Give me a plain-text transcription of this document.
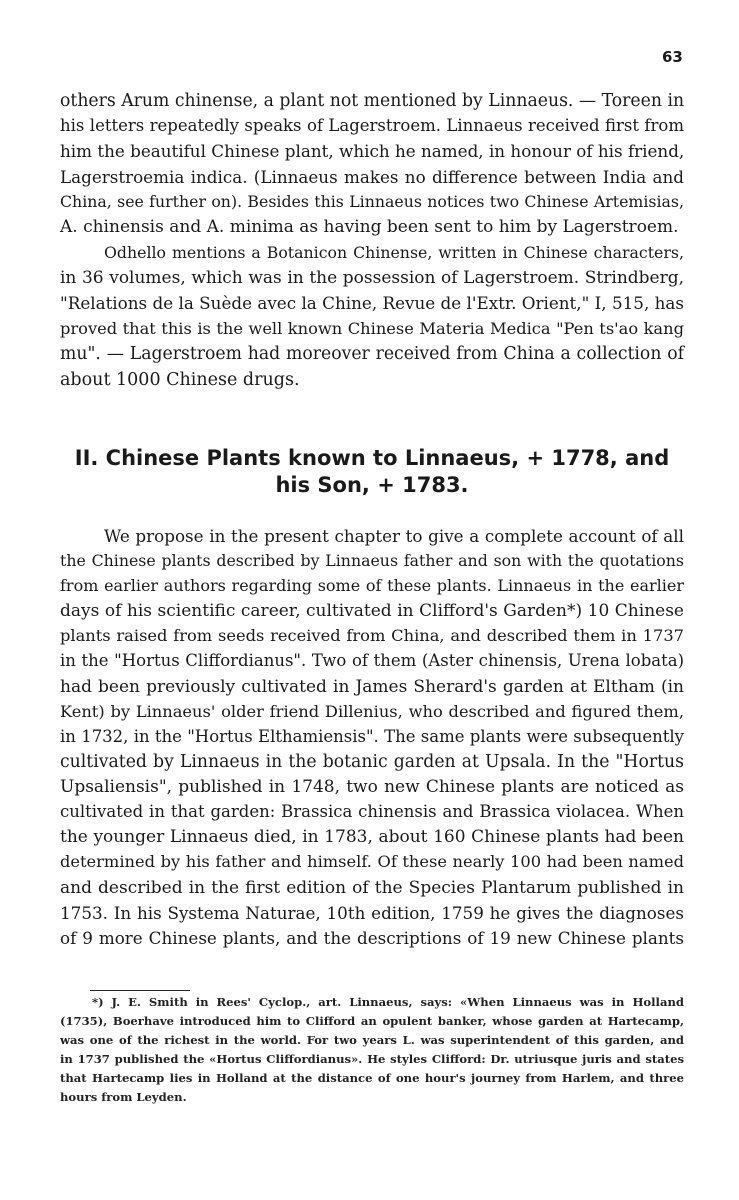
63
others Arum chinense, a plant not mentioned by Linnaeus. — Toreen in
his letters repeatedly speaks of Lagerstroem. Linnaeus received first from
him the beautiful Chinese plant, which he named, in honour of his friend,
Lagerstroemia indica. (Linnaeus makes no difference between India and
China, see further on). Besides this Linnaeus notices two Chinese Artemisias,
A. chinensis and A. minima as having been sent to him by Lagerstroem.
Odhello mentions a Botanicon Chinense, written in Chinese characters,
in 36 volumes, which was in the possession of Lagerstroem. Strindberg,
"Relations de la Suède avec la Chine, Revue de l'Extr. Orient," I, 515, has
proved that this is the well known Chinese Materia Medica "Pen ts'ao kang
mu". — Lagerstroem had moreover received from China a collection of
about 1000 Chinese drugs.
II. Chinese Plants known to Linnaeus, + 1778, and
his Son, + 1783.
We propose in the present chapter to give a complete account of all
the Chinese plants described by Linnaeus father and son with the quotations
from earlier authors regarding some of these plants. Linnaeus in the earlier
days of his scientific career, cultivated in Clifford's Garden*) 10 Chinese
plants raised from seeds received from China, and described them in 1737
in the "Hortus Cliffordianus". Two of them (Aster chinensis, Urena lobata)
had been previously cultivated in James Sherard's garden at Eltham (in
Kent) by Linnaeus' older friend Dillenius, who described and figured them,
in 1732, in the "Hortus Elthamiensis". The same plants were subsequently
cultivated by Linnaeus in the botanic garden at Upsala. In the "Hortus
Upsaliensis", published in 1748, two new Chinese plants are noticed as
cultivated in that garden: Brassica chinensis and Brassica violacea. When
the younger Linnaeus died, in 1783, about 160 Chinese plants had been
determined by his father and himself. Of these nearly 100 had been named
and described in the first edition of the Species Plantarum published in
1753. In his Systema Naturae, 10th edition, 1759 he gives the diagnoses
of 9 more Chinese plants, and the descriptions of 19 new Chinese plants
*) J. E. Smith in Rees' Cyclop., art. Linnaeus, says: «When Linnaeus was in Holland
(1735), Boerhave introduced him to Clifford an opulent banker, whose garden at Hartecamp,
was one of the richest in the world. For two years L. was superintendent of this garden, and
in 1737 published the «Hortus Cliffordianus». He styles Clifford: Dr. utriusque juris and states
that Hartecamp lies in Holland at the distance of one hour's journey from Harlem, and three
hours from Leyden.
